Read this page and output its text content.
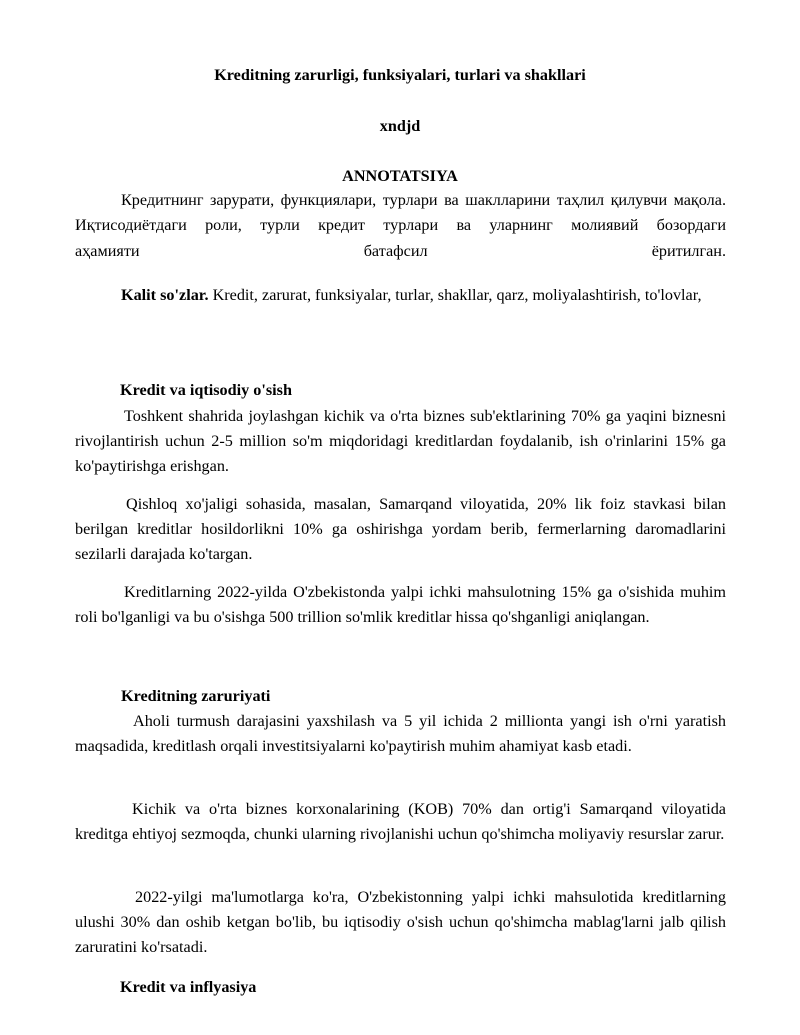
Kreditning zarurligi, funksiyalari, turlari va shakllari

xndjd

ANNOTATSIYA

Кредитнинг зарурати, функциялари, турлари ва шаклларини таҳлил қилувчи мақола. Иқтисодиётдаги роли, турли кредит турлари ва уларнинг молиявий бозордаги

аҳамияти батафсил ёритилган.

Kalit so'zlar. Kredit, zarurat, funksiyalar, turlar, shakllar, qarz, moliyalashtirish, to'lovlar,

Kredit va iqtisodiy o'sish

Toshkent shahrida joylashgan kichik va o'rta biznes sub'ektlarining 70% ga yaqini biznesni rivojlantirish uchun 2-5 million so'm miqdoridagi kreditlardan foydalanib, ish o'rinlarini 15% ga ko'paytirishga erishgan.

Qishloq xo'jaligi sohasida, masalan, Samarqand viloyatida, 20% lik foiz stavkasi bilan berilgan kreditlar hosildorlikni 10% ga oshirishga yordam berib, fermerlarning daromadlarini sezilarli darajada ko'targan.

Kreditlarning 2022-yilda O'zbekistonda yalpi ichki mahsulotning 15% ga o'sishida muhim roli bo'lganligi va bu o'sishga 500 trillion so'mlik kreditlar hissa qo'shganligi aniqlangan.

Kreditning zaruriyati

Aholi turmush darajasini yaxshilash va 5 yil ichida 2 millionta yangi ish o'rni yaratish maqsadida, kreditlash orqali investitsiyalarni ko'paytirish muhim ahamiyat kasb etadi.

Kichik va o'rta biznes korxonalarining (KOB) 70% dan ortig'i Samarqand viloyatida kreditga ehtiyoj sezmoqda, chunki ularning rivojlanishi uchun qo'shimcha moliyaviy resurslar zarur.

2022-yilgi ma'lumotlarga ko'ra, O'zbekistonning yalpi ichki mahsulotida kreditlarning ulushi 30% dan oshib ketgan bo'lib, bu iqtisodiy o'sish uchun qo'shimcha mablag'larni jalb qilish zaruratini ko'rsatadi.

Kredit va inflyasiya
